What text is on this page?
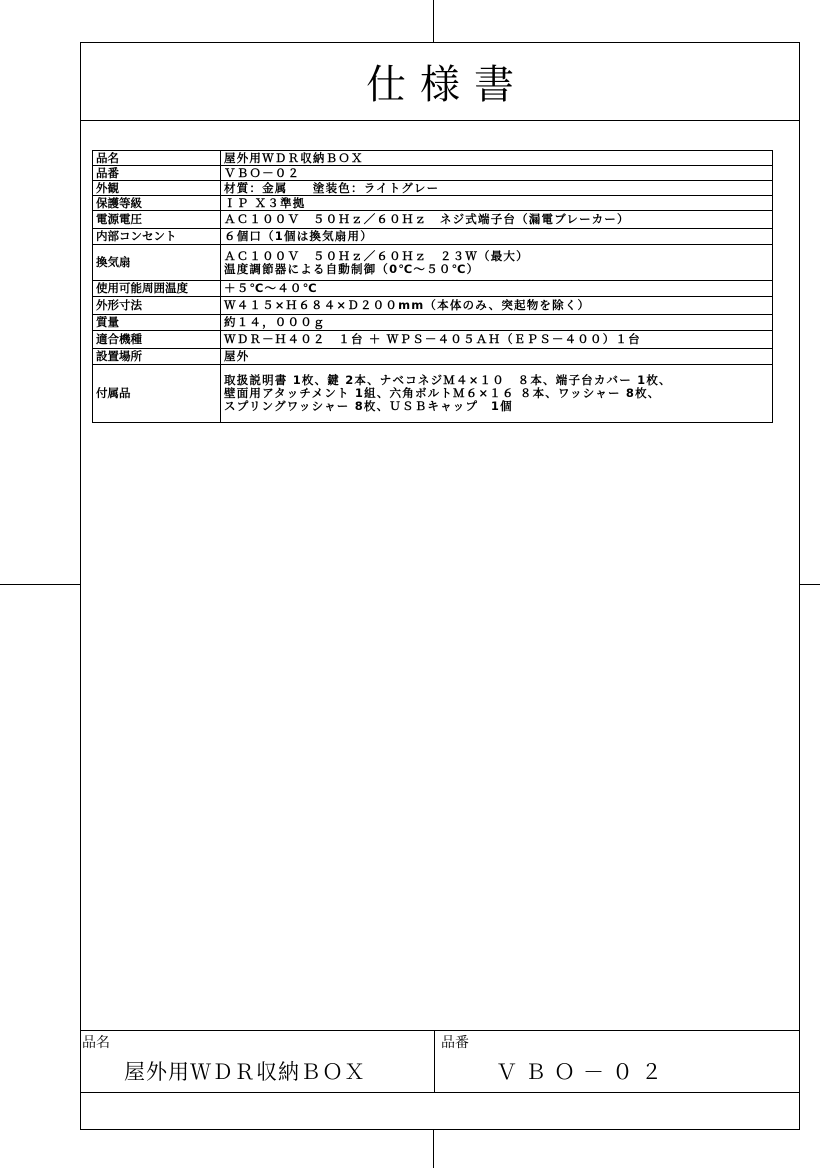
仕様書
品名	屋外用ＷＤＲ収納ＢＯＸ
品番	ＶＢＯ－０２
外観	材質：金属　　塗装色：ライトグレー
保護等級	ＩＰ Ｘ３準拠
電源電圧	ＡＣ１００Ｖ　５０Ｈｚ／６０Ｈｚ　ネジ式端子台（漏電ブレーカー）
内部コンセント	６個口（1個は換気扇用）
換気扇	ＡＣ１００Ｖ　５０Ｈｚ／６０Ｈｚ　２３Ｗ（最大）
温度調節器による自動制御（0℃～５０℃）

使用可能周囲温度	＋５℃～４０℃
外形寸法	Ｗ４１５×Ｈ６８４×Ｄ２００mm（本体のみ、突起物を除く）
質量	約１４，０００ｇ
適合機種	ＷＤＲ－Ｈ４０２　１台 ＋ ＷＰＳ－４０５ＡＨ（ＥＰＳ－４００）１台
設置場所	屋外
付属品	取扱説明書 1枚、鍵 2本、ナベコネジＭ４×１０　８本、端子台カバー 1枚、
壁面用アタッチメント 1組、六角ボルトＭ６×１６ ８本、ワッシャー 8枚、
スプリングワッシャー 8枚、ＵＳＢキャップ　1個
品名
屋外用ＷＤＲ収納ＢＯＸ
品番
ＶＢＯ－０２
